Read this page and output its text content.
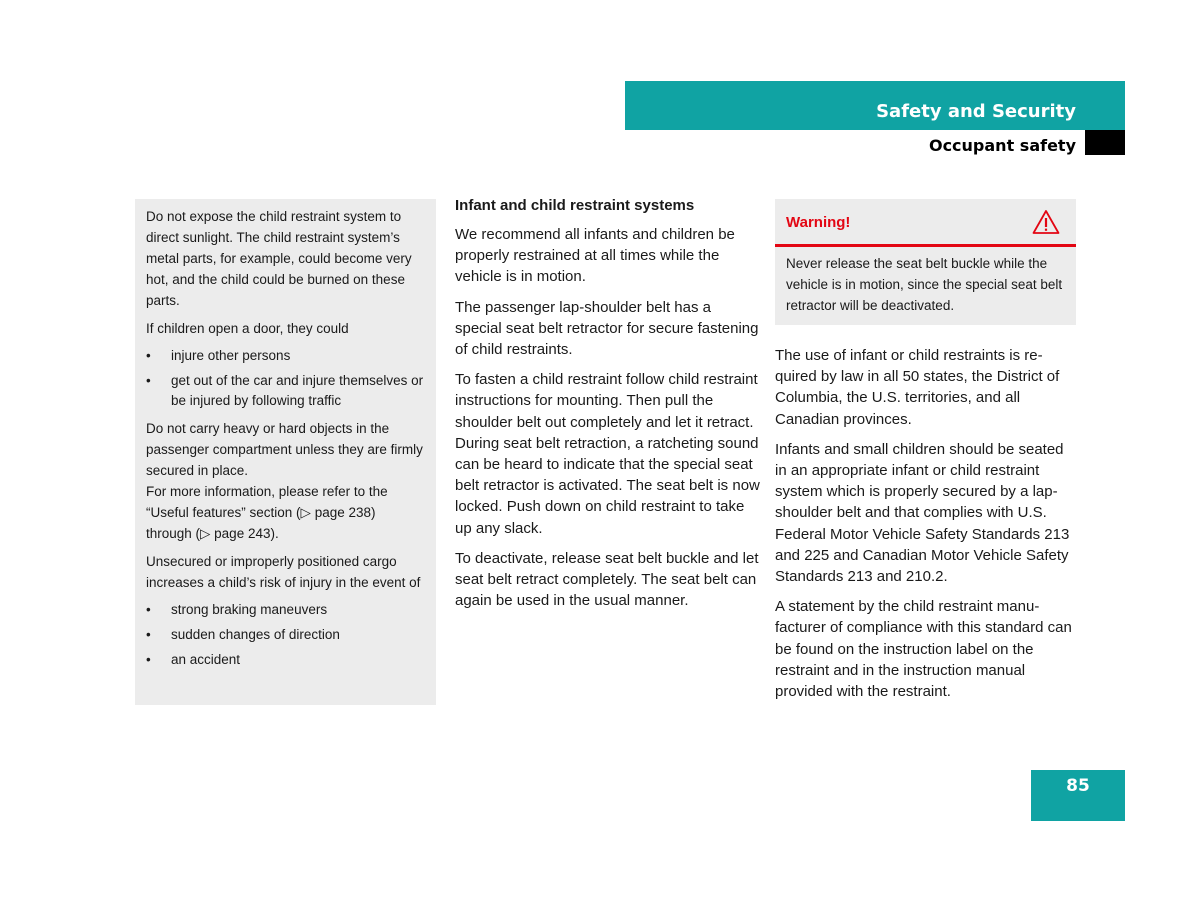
Safety and Security
Occupant safety

Do not expose the child restraint system to direct sunlight. The child restraint system’s metal parts, for example, could become very hot, and the child could be burned on these parts.

If children open a door, they could

• injure other persons
• get out of the car and injure themselves or be injured by following traffic

Do not carry heavy or hard objects in the passenger compartment unless they are firmly secured in place.

For more information, please refer to the “Useful features” section (▷ page 238) through (▷ page 243).

Unsecured or improperly positioned cargo increases a child’s risk of injury in the event of

• strong braking maneuvers
• sudden changes of direction
• an accident
Infant and child restraint systems

We recommend all infants and children be properly restrained at all times while the vehicle is in motion.

The passenger lap-shoulder belt has a special seat belt retractor for secure fastening of child restraints.

To fasten a child restraint follow child restraint instructions for mounting. Then pull the shoulder belt out completely and let it retract. During seat belt retraction, a ratcheting sound can be heard to indicate that the special seat belt retractor is activated. The seat belt is now locked. Push down on child restraint to take up any slack.

To deactivate, release seat belt buckle and let seat belt retract completely. The seat belt can again be used in the usual manner.

Warning!
Never release the seat belt buckle while the vehicle is in motion, since the special seat belt retractor will be deactivated.

The use of infant or child restraints is required by law in all 50 states, the District of Columbia, the U.S. territories, and all Canadian provinces.

Infants and small children should be seated in an appropriate infant or child restraint system which is properly secured by a lap-shoulder belt and that complies with U.S. Federal Motor Vehicle Safety Standards 213 and 225 and Canadian Motor Vehicle Safety Standards 213 and 210.2.

A statement by the child restraint manufacturer of compliance with this standard can be found on the instruction label on the restraint and in the instruction manual provided with the restraint.

85
